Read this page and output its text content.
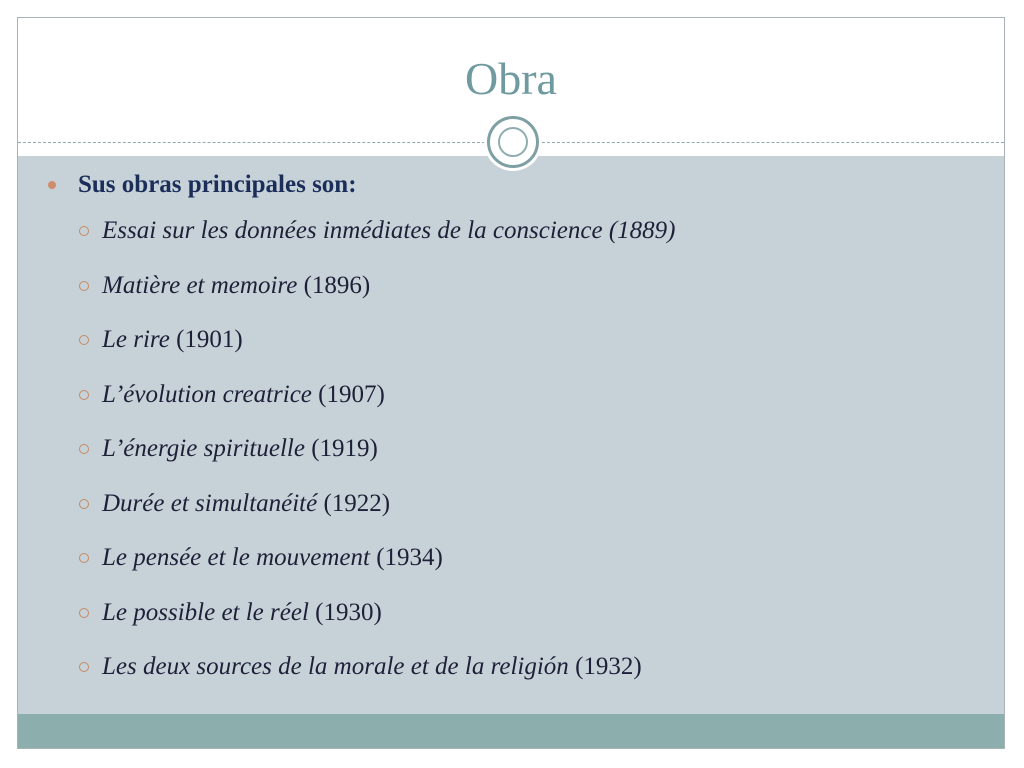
Obra
Sus obras principales son:
Essai sur les données inmédiates de la conscience (1889)
Matière et memoire (1896)
Le rire (1901)
L’évolution creatrice (1907)
L’énergie spirituelle (1919)
Durée et simultanéité (1922)
Le pensée et le mouvement (1934)
Le possible et le réel (1930)
Les deux sources de la morale et de la religión (1932)
